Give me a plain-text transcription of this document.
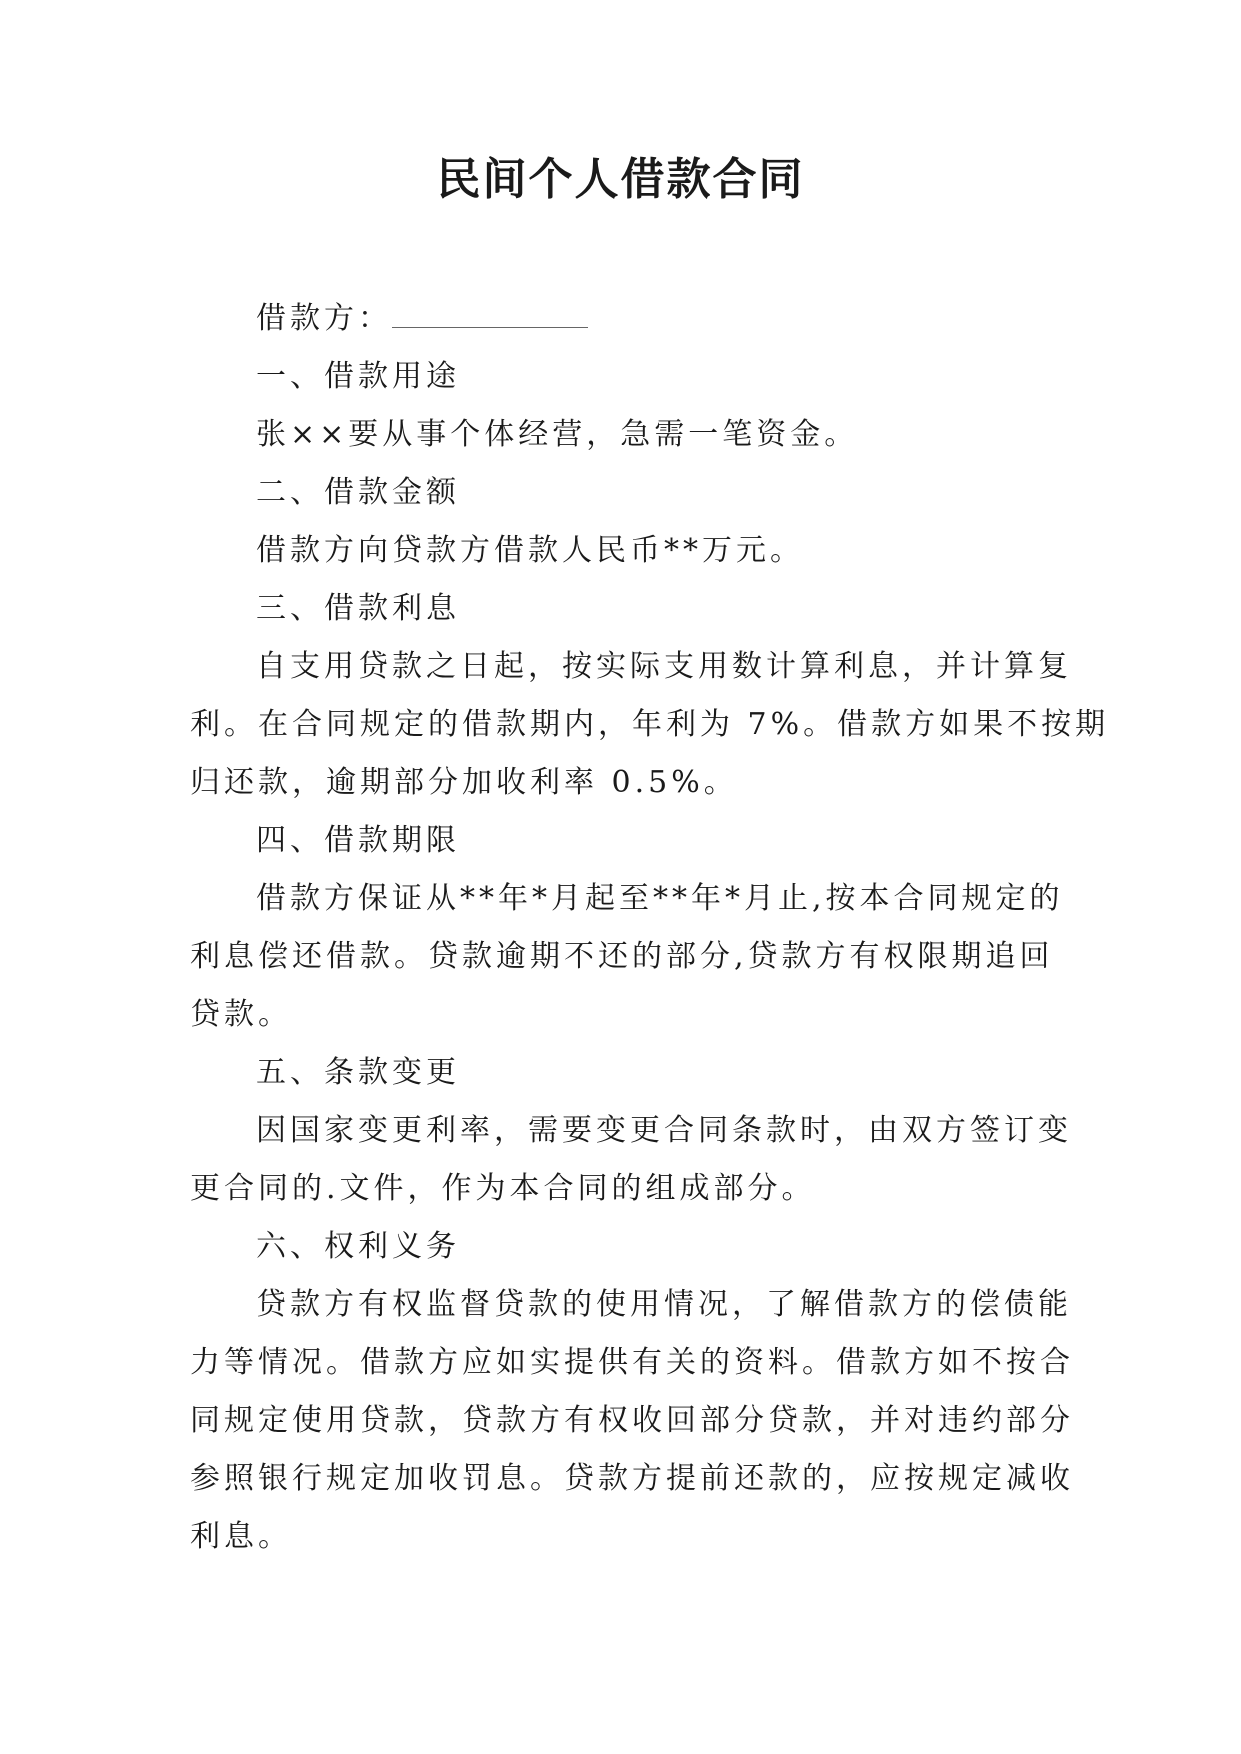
民间个人借款合同
借款方：
一、借款用途
张××要从事个体经营，急需一笔资金。
二、借款金额
借款方向贷款方借款人民币**万元。
三、借款利息
自支用贷款之日起，按实际支用数计算利息，并计算复
利。在合同规定的借款期内，年利为 7%。借款方如果不按期
归还款，逾期部分加收利率 0.5%。
四、借款期限
借款方保证从**年*月起至**年*月止,按本合同规定的
利息偿还借款。贷款逾期不还的部分,贷款方有权限期追回
贷款。
五、条款变更
因国家变更利率，需要变更合同条款时，由双方签订变
更合同的.文件，作为本合同的组成部分。
六、权利义务
贷款方有权监督贷款的使用情况，了解借款方的偿债能
力等情况。借款方应如实提供有关的资料。借款方如不按合
同规定使用贷款，贷款方有权收回部分贷款，并对违约部分
参照银行规定加收罚息。贷款方提前还款的，应按规定减收
利息。
